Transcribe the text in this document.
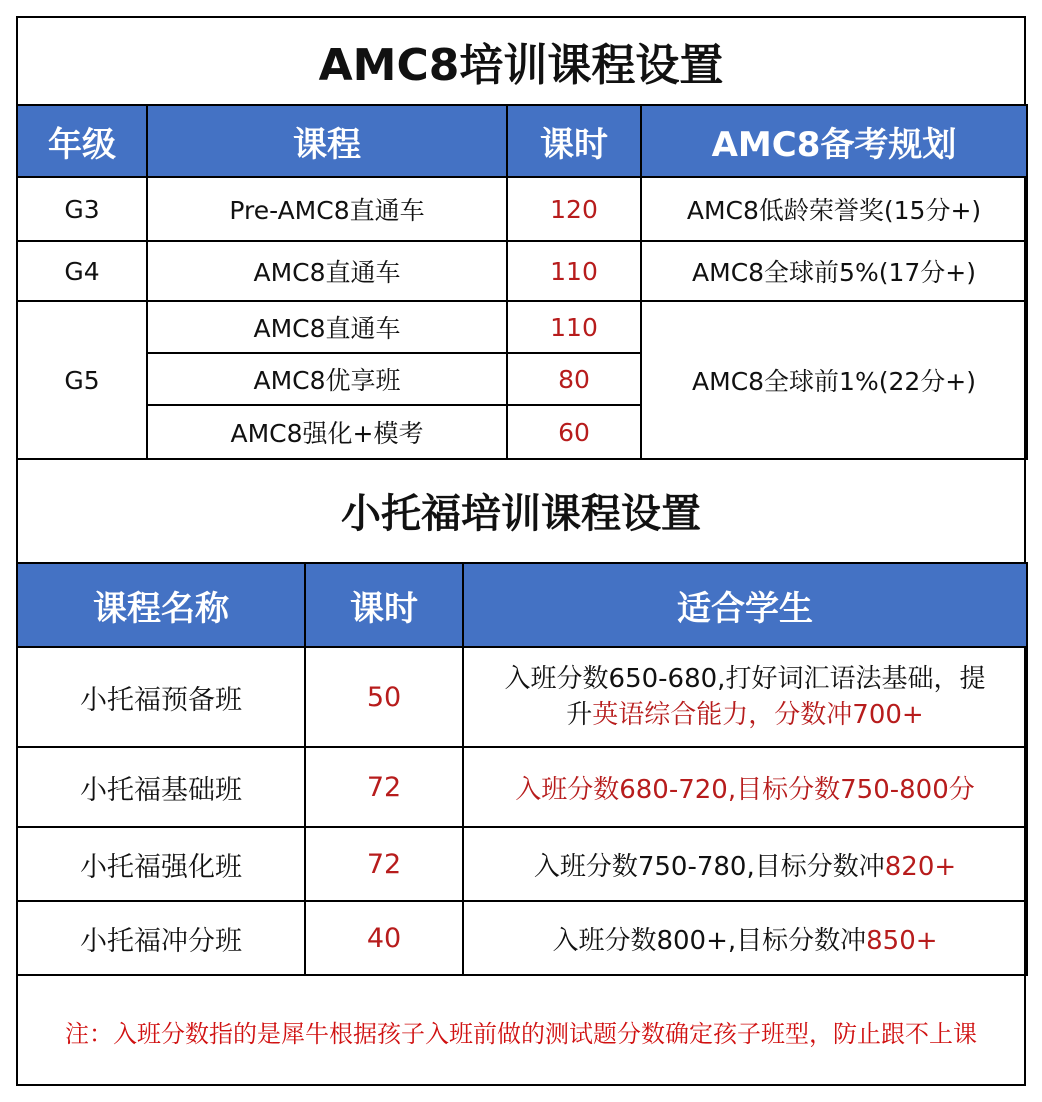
AMC8培训课程设置
年级	课程	课时	AMC8备考规划
G3	Pre-AMC8直通车	120	AMC8低龄荣誉奖(15分+)
G4	AMC8直通车	110	AMC8全球前5%(17分+)
G5	AMC8直通车	110	AMC8全球前1%(22分+)
	AMC8优享班	80	
	AMC8强化+模考	60	
小托福培训课程设置
课程名称	课时	适合学生
小托福预备班	50	入班分数650-680,打好词汇语法基础，提
升英语综合能力，分数冲700+

小托福基础班	72	入班分数680-720,目标分数750-800分
小托福强化班	72	入班分数750-780,目标分数冲820+
小托福冲分班	40	入班分数800+,目标分数冲850+
注：入班分数指的是犀牛根据孩子入班前做的测试题分数确定孩子班型，防止跟不上课
